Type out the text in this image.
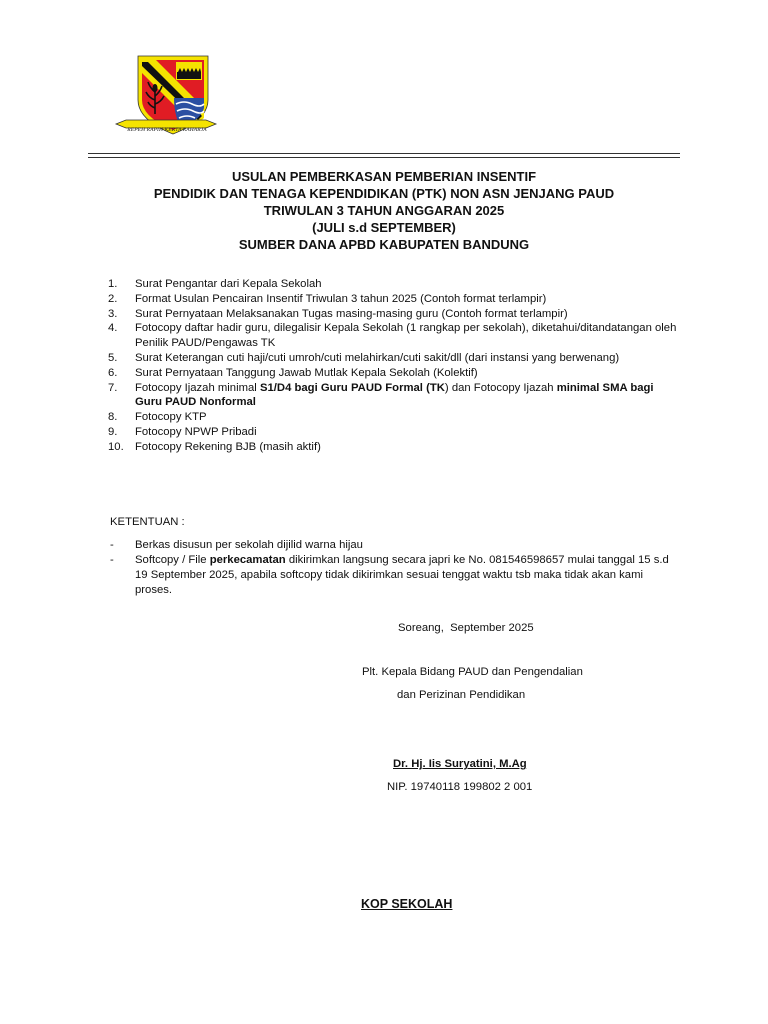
REPEH RAPIH KERTA RAHARJA
USULAN PEMBERKASAN PEMBERIAN INSENTIF
PENDIDIK DAN TENAGA KEPENDIDIKAN (PTK) NON ASN JENJANG PAUD
TRIWULAN 3 TAHUN ANGGARAN 2025
(JULI s.d SEPTEMBER)
SUMBER DANA APBD KABUPATEN BANDUNG
1.	Surat Pengantar dari Kepala Sekolah
2.	Format Usulan Pencairan Insentif Triwulan 3 tahun 2025 (Contoh format terlampir)
3.	Surat Pernyataan Melaksanakan Tugas masing-masing guru (Contoh format terlampir)
4.	Fotocopy daftar hadir guru, dilegalisir Kepala Sekolah (1 rangkap per sekolah), diketahui/ditandatangan oleh Penilik PAUD/Pengawas TK
5.	Surat Keterangan cuti haji/cuti umroh/cuti melahirkan/cuti sakit/dll (dari instansi yang berwenang)
6.	Surat Pernyataan Tanggung Jawab Mutlak Kepala Sekolah (Kolektif)
7.	Fotocopy Ijazah minimal S1/D4 bagi Guru PAUD Formal (TK) dan Fotocopy Ijazah minimal SMA bagi Guru PAUD Nonformal
8.	Fotocopy KTP
9.	Fotocopy NPWP Pribadi
10. Fotocopy Rekening BJB (masih aktif)
KETENTUAN :
-	Berkas disusun per sekolah dijilid warna hijau
-	Softcopy / File perkecamatan dikirimkan langsung secara japri ke No. 081546598657 mulai tanggal 15 s.d 19 September 2025, apabila softcopy tidak dikirimkan sesuai tenggat waktu tsb maka tidak akan kami proses.
Soreang,  September 2025
Plt. Kepala Bidang PAUD dan Pengendalian
dan Perizinan Pendidikan
Dr. Hj. Iis Suryatini, M.Ag
NIP. 19740118 199802 2 001
KOP SEKOLAH
